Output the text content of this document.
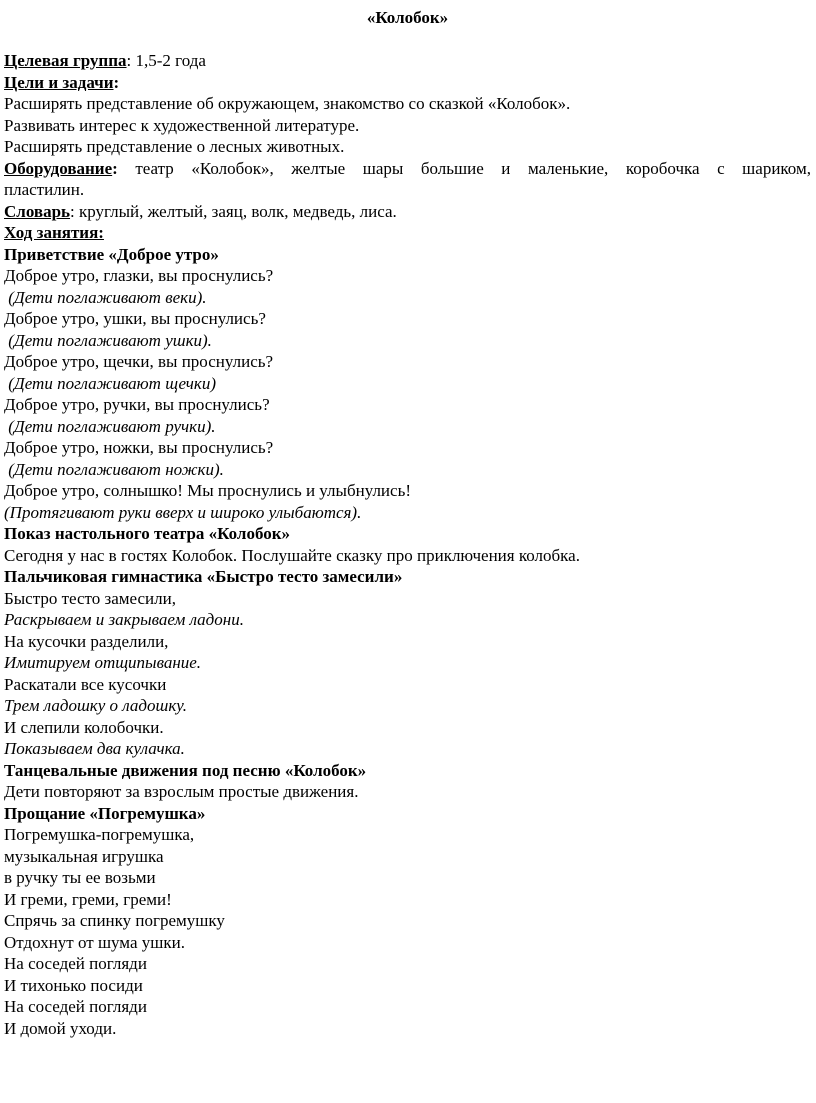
«Колобок»

Целевая группа: 1,5-2 года

Цели и задачи:

Расширять представление об окружающем, знакомство со сказкой «Колобок».

Развивать интерес к художественной литературе.

Расширять представление о лесных животных.

Оборудование: театр «Колобок», желтые шары большие и маленькие, коробочка с шариком,

пластилин.

Словарь: круглый, желтый, заяц, волк, медведь, лиса.

Ход занятия:

Приветствие «Доброе утро»

Доброе утро, глазки, вы проснулись?

(Дети поглаживают веки).

Доброе утро, ушки, вы проснулись?

(Дети поглаживают ушки).

Доброе утро, щечки, вы проснулись?

(Дети поглаживают щечки)

Доброе утро, ручки, вы проснулись?

(Дети поглаживают ручки).

Доброе утро, ножки, вы проснулись?

(Дети поглаживают ножки).

Доброе утро, солнышко! Мы проснулись и улыбнулись!

(Протягивают руки вверх и широко улыбаются).

Показ настольного театра «Колобок»

Сегодня у нас в гостях Колобок. Послушайте сказку про приключения колобка.

Пальчиковая гимнастика «Быстро тесто замесили»

Быстро тесто замесили,

Раскрываем и закрываем ладони.

На кусочки разделили,

Имитируем отщипывание.

Раскатали все кусочки

Трем ладошку о ладошку.

И слепили колобочки.

Показываем два кулачка.

Танцевальные движения под песню «Колобок»

Дети повторяют за взрослым простые движения.

Прощание «Погремушка»

Погремушка-погремушка,

музыкальная игрушка

в ручку ты ее возьми

И греми, греми, греми!

Спрячь за спинку погремушку

Отдохнут от шума ушки.

На соседей погляди

И тихонько посиди

На соседей погляди

И домой уходи.
